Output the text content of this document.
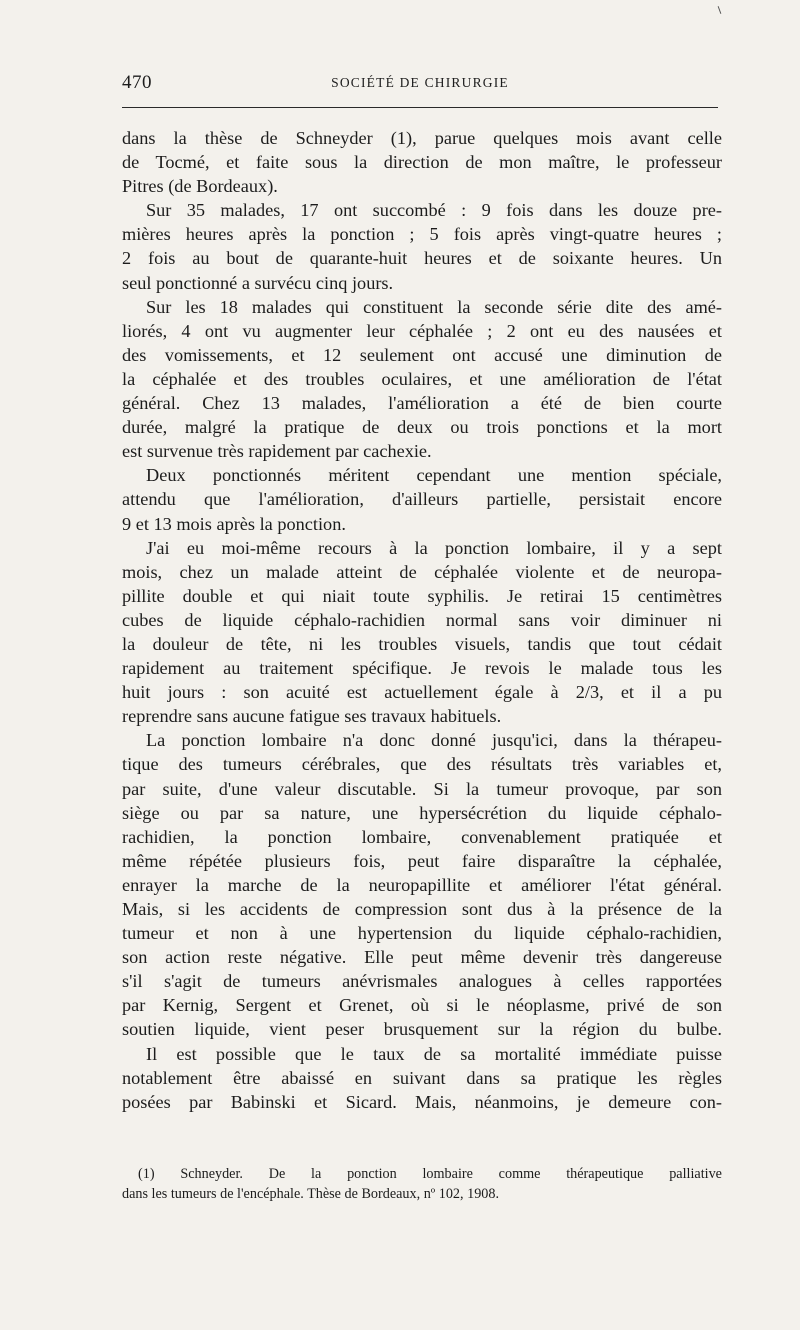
470	SOCIÉTÉ DE CHIRURGIE
dans la thèse de Schneyder (1), parue quelques mois avant celle
de Tocmé, et faite sous la direction de mon maître, le professeur
Pitres (de Bordeaux).
Sur 35 malades, 17 ont succombé : 9 fois dans les douze pre-
mières heures après la ponction ; 5 fois après vingt-quatre heures ;
2 fois au bout de quarante-huit heures et de soixante heures. Un
seul ponctionné a survécu cinq jours.
Sur les 18 malades qui constituent la seconde série dite des amé-
liorés, 4 ont vu augmenter leur céphalée ; 2 ont eu des nausées et
des vomissements, et 12 seulement ont accusé une diminution de
la céphalée et des troubles oculaires, et une amélioration de l'état
général. Chez 13 malades, l'amélioration a été de bien courte
durée, malgré la pratique de deux ou trois ponctions et la mort
est survenue très rapidement par cachexie.
Deux ponctionnés méritent cependant une mention spéciale,
attendu que l'amélioration, d'ailleurs partielle, persistait encore
9 et 13 mois après la ponction.
J'ai eu moi-même recours à la ponction lombaire, il y a sept
mois, chez un malade atteint de céphalée violente et de neuropa-
pillite double et qui niait toute syphilis. Je retirai 15 centimètres
cubes de liquide céphalo-rachidien normal sans voir diminuer ni
la douleur de tête, ni les troubles visuels, tandis que tout cédait
rapidement au traitement spécifique. Je revois le malade tous les
huit jours : son acuité est actuellement égale à 2/3, et il a pu
reprendre sans aucune fatigue ses travaux habituels.
La ponction lombaire n'a donc donné jusqu'ici, dans la thérapeu-
tique des tumeurs cérébrales, que des résultats très variables et,
par suite, d'une valeur discutable. Si la tumeur provoque, par son
siège ou par sa nature, une hypersécrétion du liquide céphalo-
rachidien, la ponction lombaire, convenablement pratiquée et
même répétée plusieurs fois, peut faire disparaître la céphalée,
enrayer la marche de la neuropapillite et améliorer l'état général.
Mais, si les accidents de compression sont dus à la présence de la
tumeur et non à une hypertension du liquide céphalo-rachidien,
son action reste négative. Elle peut même devenir très dangereuse
s'il s'agit de tumeurs anévrismales analogues à celles rapportées
par Kernig, Sergent et Grenet, où si le néoplasme, privé de son
soutien liquide, vient peser brusquement sur la région du bulbe.
Il est possible que le taux de sa mortalité immédiate puisse
notablement être abaissé en suivant dans sa pratique les règles
posées par Babinski et Sicard. Mais, néanmoins, je demeure con-
(1) Schneyder. De la ponction lombaire comme thérapeutique palliative
dans les tumeurs de l'encéphale. Thèse de Bordeaux, nº 102, 1908.
